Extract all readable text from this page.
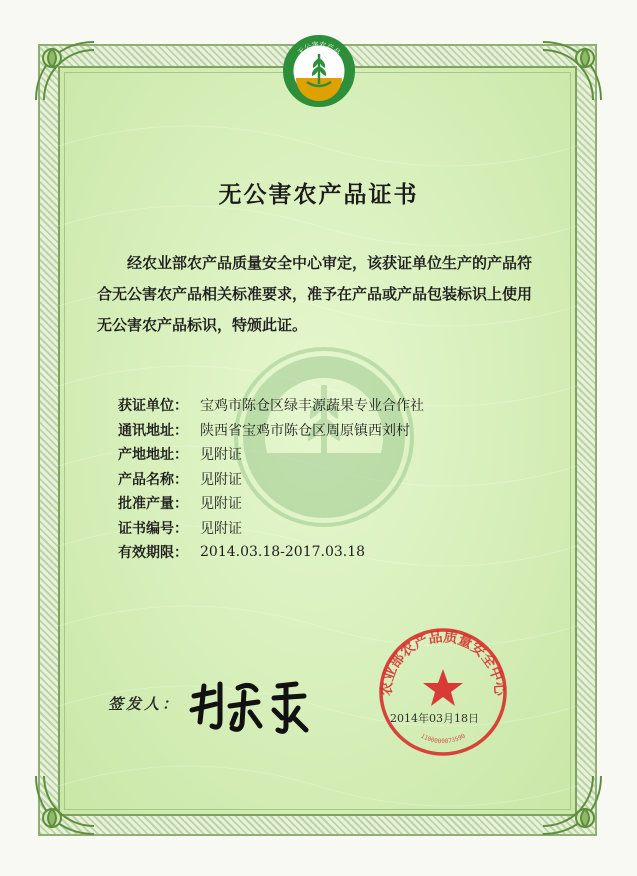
无公害农产品
无公害农产品证书

经农业部农产品质量安全中心审定，该获证单位生产的产品符合无公害农产品相关标准要求，准予在产品或产品包装标识上使用无公害农产品标识，特颁此证。

获证单位： 宝鸡市陈仓区绿丰源蔬果专业合作社
通讯地址： 陕西省宝鸡市陈仓区周原镇西刘村
产地地址： 见附证
产品名称： 见附证
批准产量： 见附证
证书编号： 见附证
有效期限： 2014.03.18-2017.03.18
签发人：
农业部农产品质量安全中心
1100000073590
2014年03月18日
